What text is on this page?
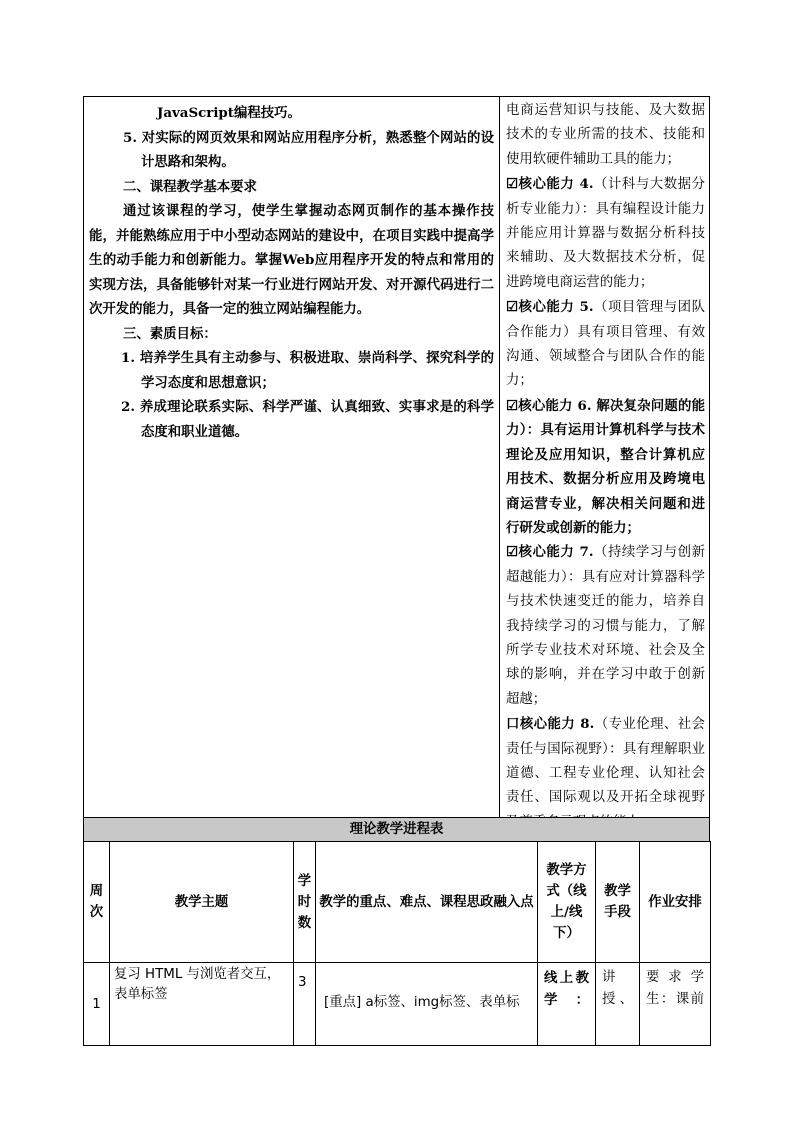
JavaScript编程技巧。

5. 对实际的网页效果和网站应用程序分析，熟悉整个网站的设计思路和架构。

二、课程教学基本要求

通过该课程的学习，使学生掌握动态网页制作的基本操作技能，并能熟练应用于中小型动态网站的建设中，在项目实践中提高学生的动手能力和创新能力。掌握Web应用程序开发的特点和常用的实现方法，具备能够针对某一行业进行网站开发、对开源代码进行二次开发的能力，具备一定的独立网站编程能力。

三、素质目标：

1. 培养学生具有主动参与、积极进取、崇尚科学、探究科学的学习态度和思想意识；

2. 养成理论联系实际、科学严谨、认真细致、实事求是的科学态度和职业道德。

电商运营知识与技能、及大数据技术的专业所需的技术、技能和使用软硬件辅助工具的能力；

☑核心能力 4.（计科与大数据分析专业能力）：具有编程设计能力并能应用计算器与数据分析科技来辅助、及大数据技术分析，促进跨境电商运营的能力；

☑核心能力 5.（项目管理与团队合作能力）具有项目管理、有效沟通、领域整合与团队合作的能力；

☑核心能力 6. 解决复杂问题的能力）：具有运用计算机科学与技术理论及应用知识，整合计算机应用技术、数据分析应用及跨境电商运营专业，解决相关问题和进行研发或创新的能力；

☑核心能力 7.（持续学习与创新超越能力）：具有应对计算器科学与技术快速变迁的能力，培养自我持续学习的习惯与能力，了解所学专业技术对环境、社会及全球的影响，并在学习中敢于创新超越；

口核心能力 8.（专业伦理、社会责任与国际视野）：具有理解职业道德、工程专业伦理、认知社会责任、国际观以及开拓全球视野

理论教学进程表
周次	教学主题	学时数	教学的重点、难点、课程思政融入点	教学方式（线上/线下）	教学手段	作业安排
1	复习 HTML 与浏览者交互，表单标签	3	[重点] a标签、img标签、表单标	线上教学：	讲授、	要求学生：课前
